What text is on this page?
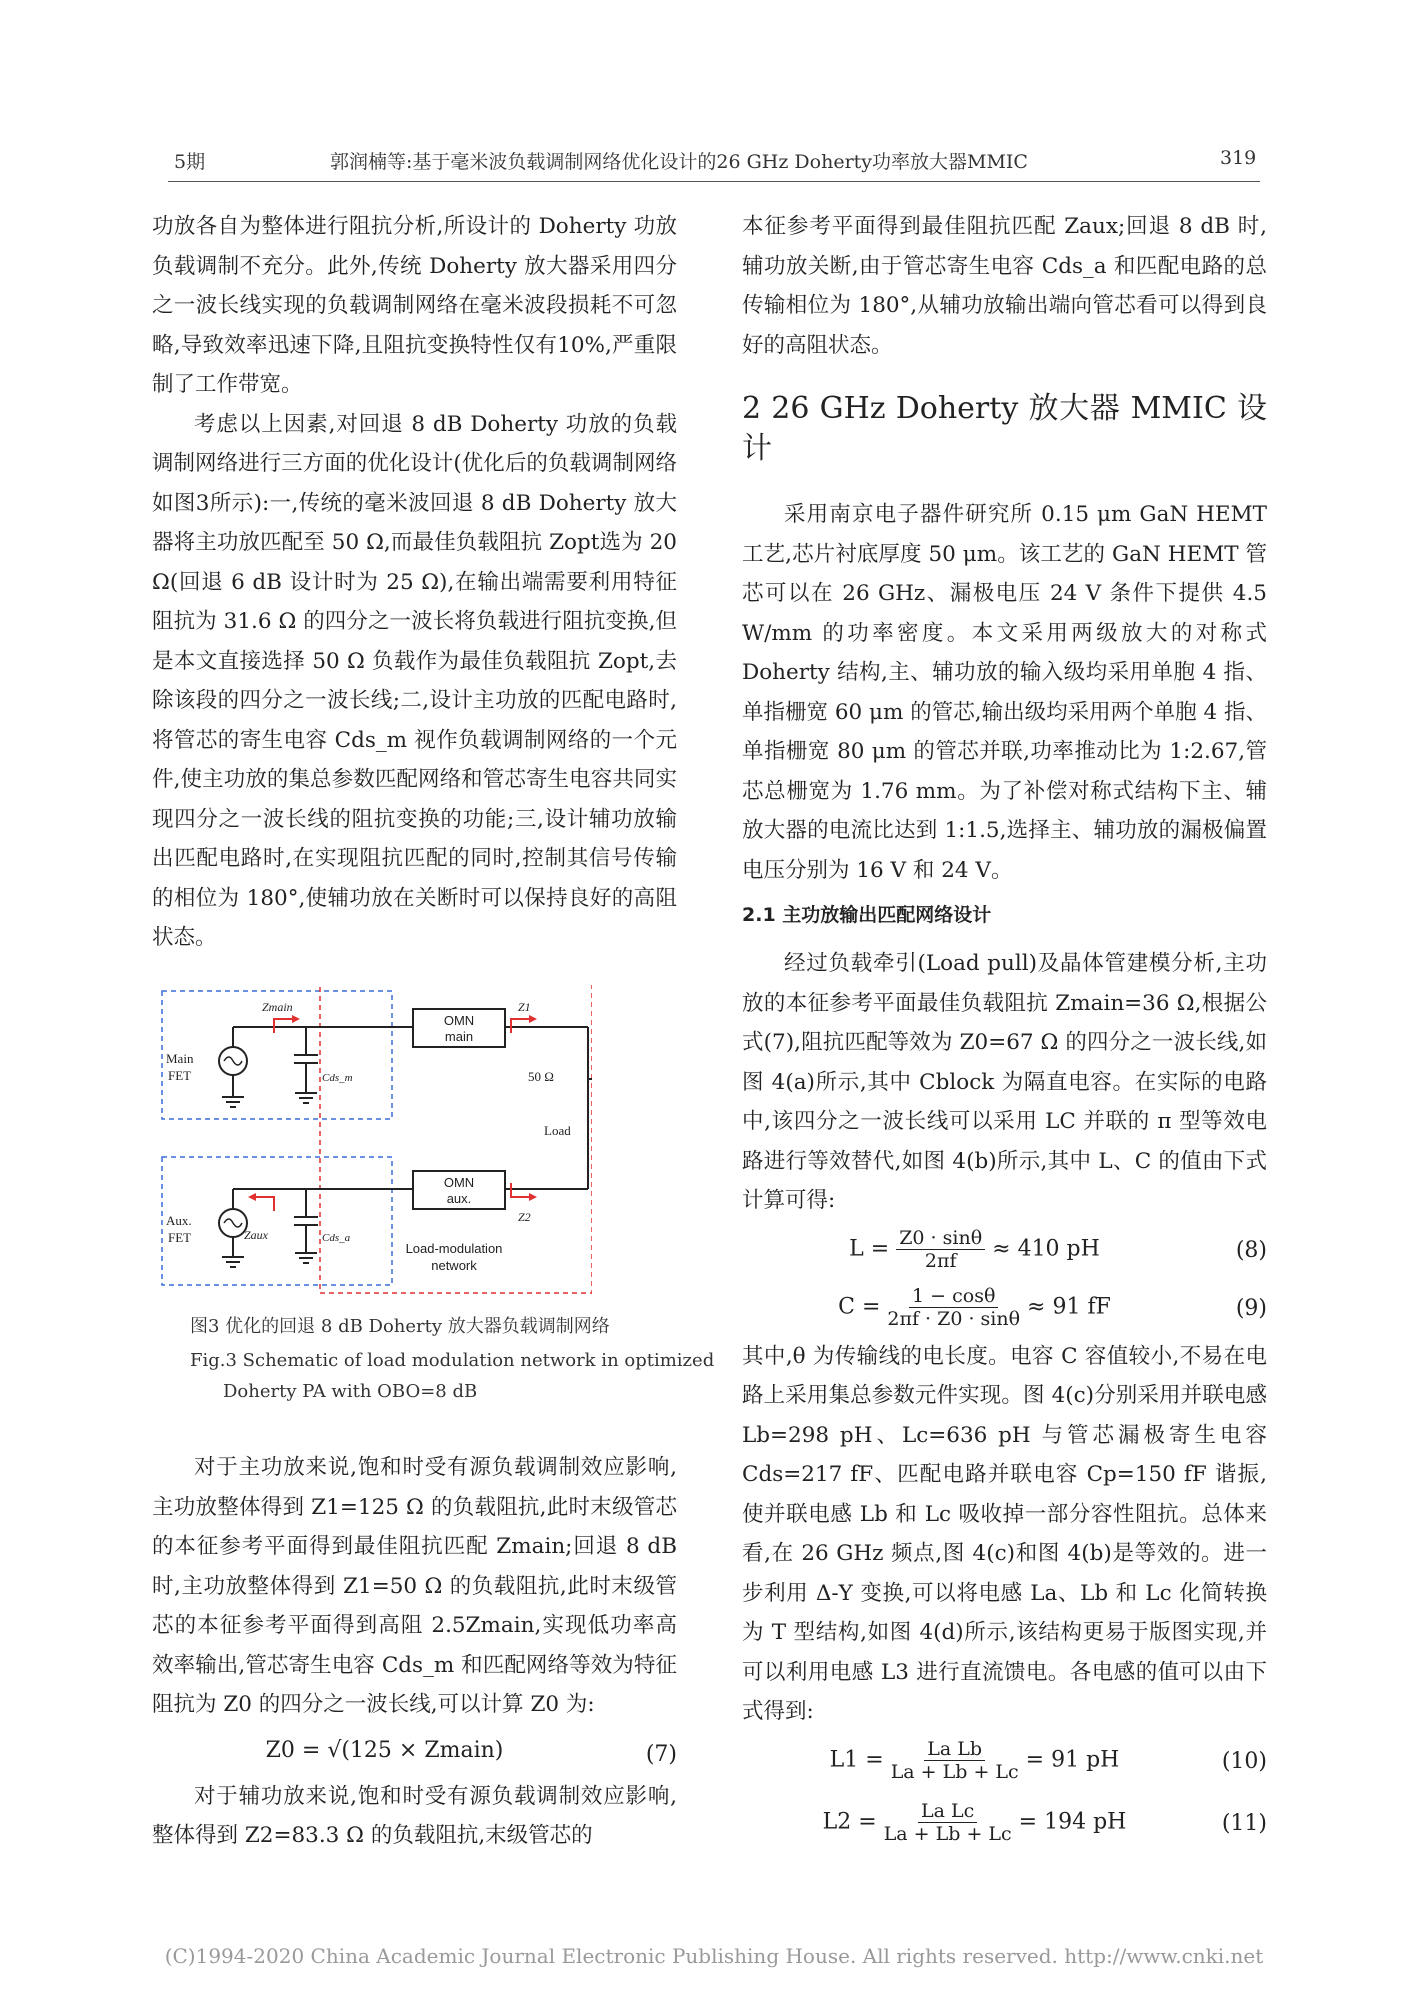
5期	郭润楠等:基于毫米波负载调制网络优化设计的26 GHz Doherty功率放大器MMIC	319

功放各自为整体进行阻抗分析,所设计的 Doherty 功放负载调制不充分。此外,传统 Doherty 放大器采用四分之一波长线实现的负载调制网络在毫米波段损耗不可忽略,导致效率迅速下降,且阻抗变换特性仅有10%,严重限制了工作带宽。

考虑以上因素,对回退 8 dB Doherty 功放的负载调制网络进行三方面的优化设计(优化后的负载调制网络如图3所示):一,传统的毫米波回退 8 dB Doherty 放大器将主功放匹配至 50 Ω,而最佳负载阻抗 Zopt选为 20 Ω(回退 6 dB 设计时为 25 Ω),在输出端需要利用特征阻抗为 31.6 Ω 的四分之一波长将负载进行阻抗变换,但是本文直接选择 50 Ω 负载作为最佳负载阻抗 Zopt,去除该段的四分之一波长线;二,设计主功放的匹配电路时,将管芯的寄生电容 Cds_m 视作负载调制网络的一个元件,使主功放的集总参数匹配网络和管芯寄生电容共同实现四分之一波长线的阻抗变换的功能;三,设计辅功放输出匹配电路时,在实现阻抗匹配的同时,控制其信号传输的相位为 180°,使辅功放在关断时可以保持良好的高阻状态。

Main
FET
Aux.
FET
Zmain
Zaux
Cds_m
Cds_a
OMN
main
OMN
aux.
Z1
Z2
50 Ω
Load
Load-modulation
network
图3 优化的回退 8 dB Doherty 放大器负载调制网络
Fig.3 Schematic of load modulation network in optimized
Doherty PA with OBO=8 dB

对于主功放来说,饱和时受有源负载调制效应影响,主功放整体得到 Z1=125 Ω 的负载阻抗,此时末级管芯的本征参考平面得到最佳阻抗匹配 Zmain;回退 8 dB 时,主功放整体得到 Z1=50 Ω 的负载阻抗,此时末级管芯的本征参考平面得到高阻 2.5Zmain,实现低功率高效率输出,管芯寄生电容 Cds_m 和匹配网络等效为特征阻抗为 Z0 的四分之一波长线,可以计算 Z0 为:

Z0 = √(125 × Zmain)	(7)

对于辅功放来说,饱和时受有源负载调制效应影响,整体得到 Z2=83.3 Ω 的负载阻抗,末级管芯的

本征参考平面得到最佳阻抗匹配 Zaux;回退 8 dB 时,辅功放关断,由于管芯寄生电容 Cds_a 和匹配电路的总传输相位为 180°,从辅功放输出端向管芯看可以得到良好的高阻状态。

2 26 GHz Doherty 放大器 MMIC 设计

采用南京电子器件研究所 0.15 μm GaN HEMT 工艺,芯片衬底厚度 50 μm。该工艺的 GaN HEMT 管芯可以在 26 GHz、漏极电压 24 V 条件下提供 4.5 W/mm 的功率密度。本文采用两级放大的对称式 Doherty 结构,主、辅功放的输入级均采用单胞 4 指、单指栅宽 60 μm 的管芯,输出级均采用两个单胞 4 指、单指栅宽 80 μm 的管芯并联,功率推动比为 1:2.67,管芯总栅宽为 1.76 mm。为了补偿对称式结构下主、辅放大器的电流比达到 1:1.5,选择主、辅功放的漏极偏置电压分别为 16 V 和 24 V。

2.1 主功放输出匹配网络设计

经过负载牵引(Load pull)及晶体管建模分析,主功放的本征参考平面最佳负载阻抗 Zmain=36 Ω,根据公式(7),阻抗匹配等效为 Z0=67 Ω 的四分之一波长线,如图 4(a)所示,其中 Cblock 为隔直电容。在实际的电路中,该四分之一波长线可以采用 LC 并联的 π 型等效电路进行等效替代,如图 4(b)所示,其中 L、C 的值由下式计算可得:

$L = \frac{Z0 \cdot \sin\theta}{2\pi f} \approx 410$ pH	(8)
$C = \frac{1 - \cos\theta}{2\pi f \cdot Z0 \cdot \sin\theta} \approx 91$ fF	(9)

其中,θ 为传输线的电长度。电容 C 容值较小,不易在电路上采用集总参数元件实现。图 4(c)分别采用并联电感 Lb=298 pH、Lc=636 pH 与管芯漏极寄生电容 Cds=217 fF、匹配电路并联电容 Cp=150 fF 谐振,使并联电感 Lb 和 Lc 吸收掉一部分容性阻抗。总体来看,在 26 GHz 频点,图 4(c)和图 4(b)是等效的。进一步利用 Δ-Y 变换,可以将电感 La、Lb 和 Lc 化简转换为 T 型结构,如图 4(d)所示,该结构更易于版图实现,并可以利用电感 L3 进行直流馈电。各电感的值可以由下式得到:

$L1 = \frac{\text{La Lb}}{La + Lb + Lc} = 91$ pH	(10)
$L2 = \frac{\text{La Lc}}{La + Lb + Lc} = 194$ pH	(11)
(C)1994-2020 China Academic Journal Electronic Publishing House. All rights reserved. http://www.cnki.net
